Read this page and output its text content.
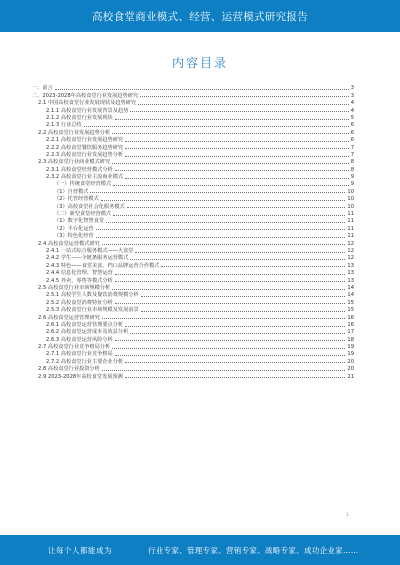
高校食堂商业模式、经营、运营模式研究报告
内容目录
一、前言	3
二、2023-2028年高校食堂行业发展趋势研究	3
2.1 中国高校食堂行业发展现状及趋势研究	4
2.1.1 高校食堂行业发展背景及趋势	4
2.1.2 高校食堂行业发展现状	5
2.1.3 行业总结	6
2.2 高校食堂行业发展趋势分析	6
2.2.1 高校食堂行业发展趋势研究	6
2.2.2 高校食堂餐饮服务趋势研究	7
2.2.3 高校食堂行业发展趋势分析	7
2.3 高校食堂行业商业模式研究	8
2.3.1 高校食堂经营模式分析	8
2.3.2 高校食堂行业主流商业模式	9
（一）传统食堂经营模式	9
（1）自营模式	10
（2）托管经营模式	10
（3）高校食堂社会化服务模式	10
（二）新型食堂经营模式	11
（1）数字化智慧食堂	11
（2）平台化运营	11
（3）特色化经营	11
2.4 高校食堂运营模式研究	12
2.4.1 一站式综合服务模式——大食堂	12
2.4.2 学生——全链条服务运营模式	12
2.4.3 特色——食堂美食、档口品牌运营合作模式	13
2.4.4 信息化管理、智慧运营	13
2.4.5 外卖、零售等模式分析	13
2.5 高校食堂行业市场规模分析	14
2.5.1 高校学生人数及餐饮消费规模分析	14
2.5.2 高校食堂消费特征分析	15
2.5.3 高校食堂行业市场规模及发展前景	15
2.6 高校食堂运营管理研究	16
2.6.1 高校食堂运营管理要点分析	16
2.6.2 高校食堂运营成本及效益分析	17
2.6.3 高校食堂运营风险分析	18
2.7 高校食堂行业竞争格局分析	19
2.7.1 高校食堂行业竞争格局	19
2.7.2 高校食堂行业主要企业分析	20
2.8 高校食堂行业投资分析	20
2.9 2023-2028年高校食堂发展预测	21
1
让每个人都能成为	行业专家、管理专家、营销专家、战略专家、成功企业家……
